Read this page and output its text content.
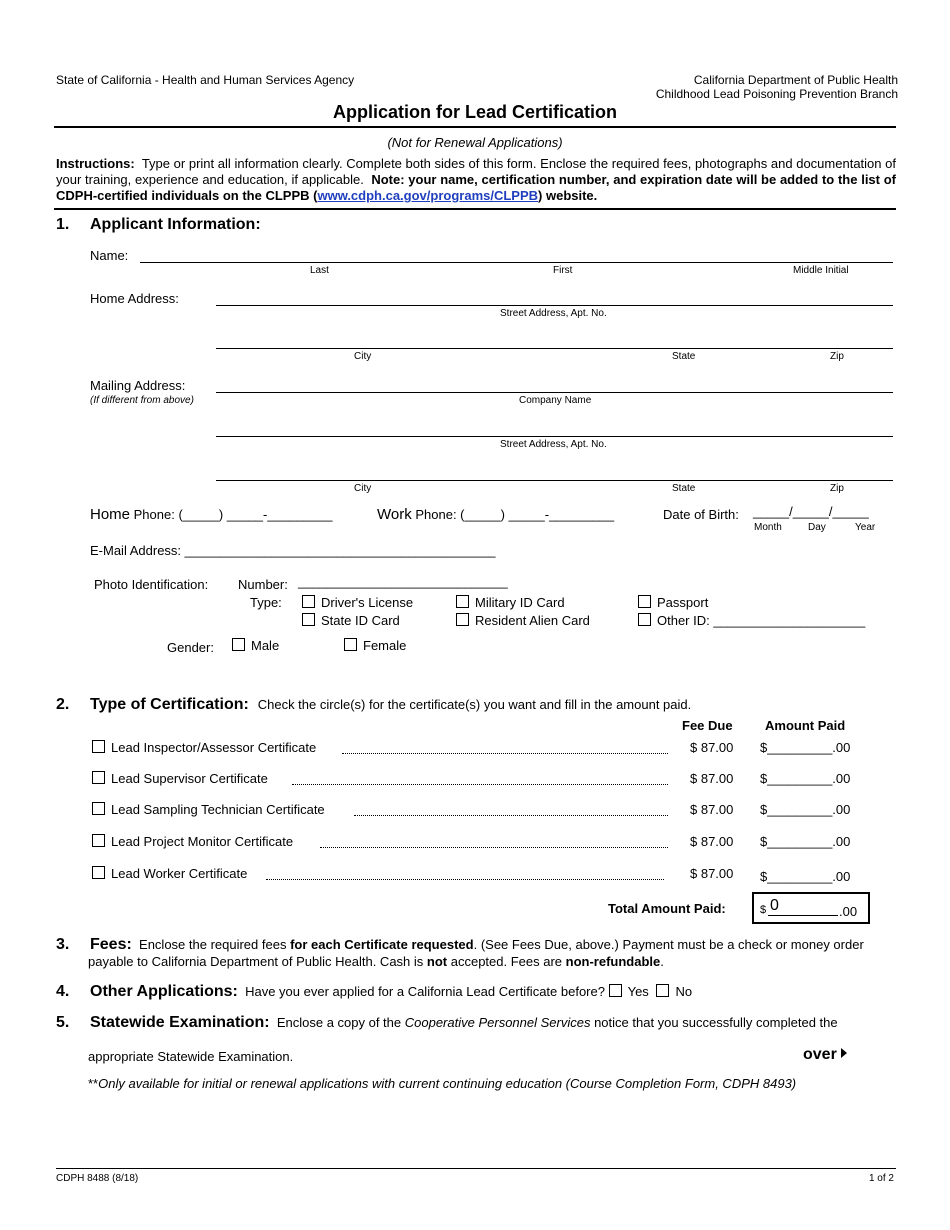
State of California - Health and Human Services Agency	California Department of Public Health
Childhood Lead Poisoning Prevention Branch
Application for Lead Certification
(Not for Renewal Applications)
Instructions: Type or print all information clearly. Complete both sides of this form. Enclose the required fees, photographs and documentation of your training, experience and education, if applicable. Note: your name, certification number, and expiration date will be added to the list of CDPH-certified individuals on the CLPPB (www.cdph.ca.gov/programs/CLPPB) website.
1. Applicant Information:
Name:
Last	First	Middle Initial
Home Address:
Street Address, Apt. No.
City	State	Zip
Mailing Address:
(If different from above)	Company Name
Street Address, Apt. No.
City	State	Zip
Home Phone: (_____) _____-_________	Work Phone: (_____) _____-_________	Date of Birth: _____/_____/_____
Month	Day	Year
E-Mail Address: ___________________________________________
Photo Identification: Number: _____________________________
Type:	Driver's License	Military ID Card	Passport
State ID Card	Resident Alien Card	Other ID: _____________________
Gender:	Male	Female
2. Type of Certification: Check the circle(s) for the certificate(s) you want and fill in the amount paid.
Fee Due Amount Paid
Lead Inspector/Assessor Certificate	$ 87.00 $_________.00
Lead Supervisor Certificate	$ 87.00 $_________.00
Lead Sampling Technician Certificate	$ 87.00 $_________.00
Lead Project Monitor Certificate	$ 87.00 $_________.00
Lead Worker Certificate	$ 87.00 $_________.00
Total Amount Paid:	$ 0	.00
3. Fees: Enclose the required fees for each Certificate requested. (See Fees Due, above.) Payment must be a check or money order payable to California Department of Public Health. Cash is not accepted. Fees are non-refundable.
4. Other Applications: Have you ever applied for a California Lead Certificate before? Yes No
5. Statewide Examination: Enclose a copy of the Cooperative Personnel Services notice that you successfully completed the
appropriate Statewide Examination.	over
**Only available for initial or renewal applications with current continuing education (Course Completion Form, CDPH 8493)
CDPH 8488 (8/18)	1 of 2
